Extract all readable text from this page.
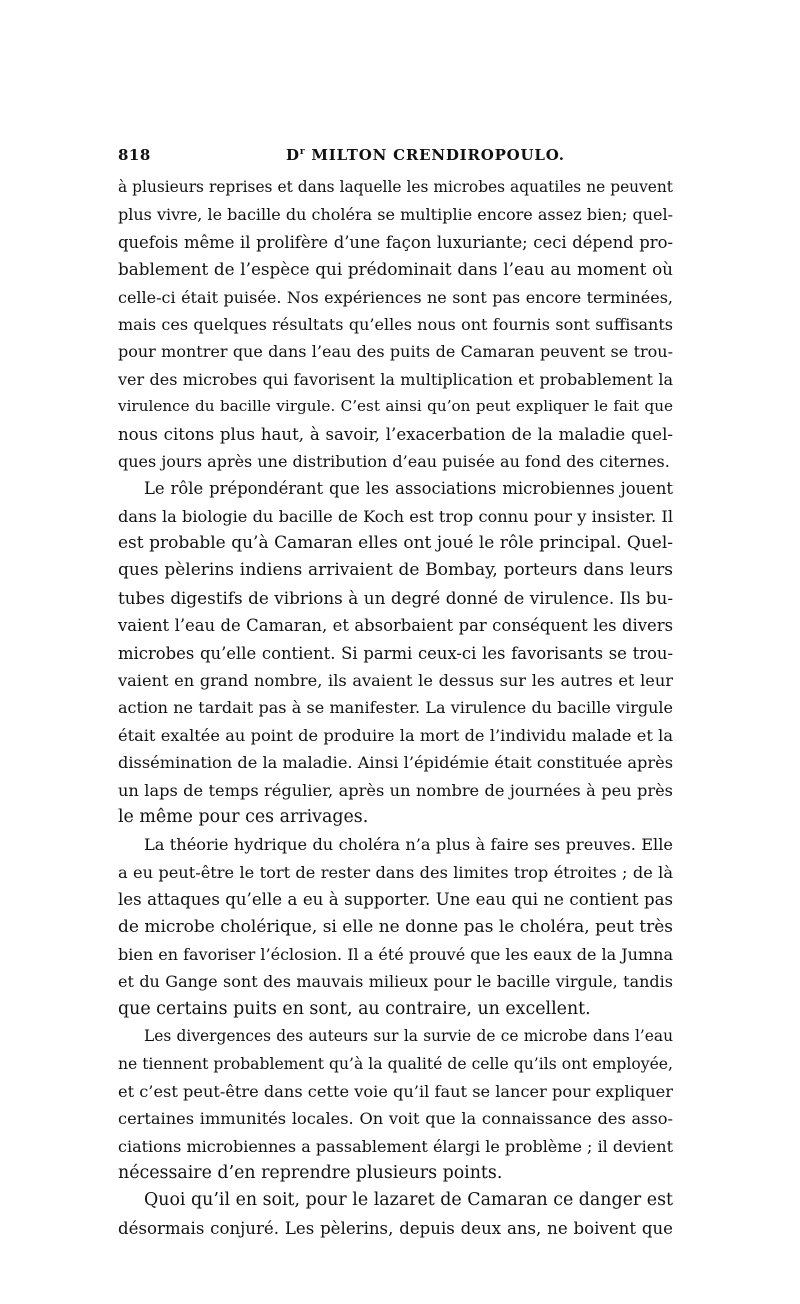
818	$D^r$ MILTON CRENDIROPOULO.
à plusieurs reprises et dans laquelle les microbes aquatiles ne peuvent
plus vivre, le bacille du choléra se multiplie encore assez bien; quel-
quefois même il prolifère d’une façon luxuriante; ceci dépend pro-
bablement de l’espèce qui prédominait dans l’eau au moment où
celle-ci était puisée. Nos expériences ne sont pas encore terminées,
mais ces quelques résultats qu’elles nous ont fournis sont suffisants
pour montrer que dans l’eau des puits de Camaran peuvent se trou-
ver des microbes qui favorisent la multiplication et probablement la
virulence du bacille virgule. C’est ainsi qu’on peut expliquer le fait que
nous citons plus haut, à savoir, l’exacerbation de la maladie quel-
ques jours après une distribution d’eau puisée au fond des citernes.
Le rôle prépondérant que les associations microbiennes jouent
dans la biologie du bacille de Koch est trop connu pour y insister. Il
est probable qu’à Camaran elles ont joué le rôle principal. Quel-
ques pèlerins indiens arrivaient de Bombay, porteurs dans leurs
tubes digestifs de vibrions à un degré donné de virulence. Ils bu-
vaient l’eau de Camaran, et absorbaient par conséquent les divers
microbes qu’elle contient. Si parmi ceux-ci les favorisants se trou-
vaient en grand nombre, ils avaient le dessus sur les autres et leur
action ne tardait pas à se manifester. La virulence du bacille virgule
était exaltée au point de produire la mort de l’individu malade et la
dissémination de la maladie. Ainsi l’épidémie était constituée après
un laps de temps régulier, après un nombre de journées à peu près
le même pour ces arrivages.
La théorie hydrique du choléra n’a plus à faire ses preuves. Elle
a eu peut-être le tort de rester dans des limites trop étroites ; de là
les attaques qu’elle a eu à supporter. Une eau qui ne contient pas
de microbe cholérique, si elle ne donne pas le choléra, peut très
bien en favoriser l’éclosion. Il a été prouvé que les eaux de la Jumna
et du Gange sont des mauvais milieux pour le bacille virgule, tandis
que certains puits en sont, au contraire, un excellent.
Les divergences des auteurs sur la survie de ce microbe dans l’eau
ne tiennent probablement qu’à la qualité de celle qu’ils ont employée,
et c’est peut-être dans cette voie qu’il faut se lancer pour expliquer
certaines immunités locales. On voit que la connaissance des asso-
ciations microbiennes a passablement élargi le problème ; il devient
nécessaire d’en reprendre plusieurs points.
Quoi qu’il en soit, pour le lazaret de Camaran ce danger est
désormais conjuré. Les pèlerins, depuis deux ans, ne boivent que
